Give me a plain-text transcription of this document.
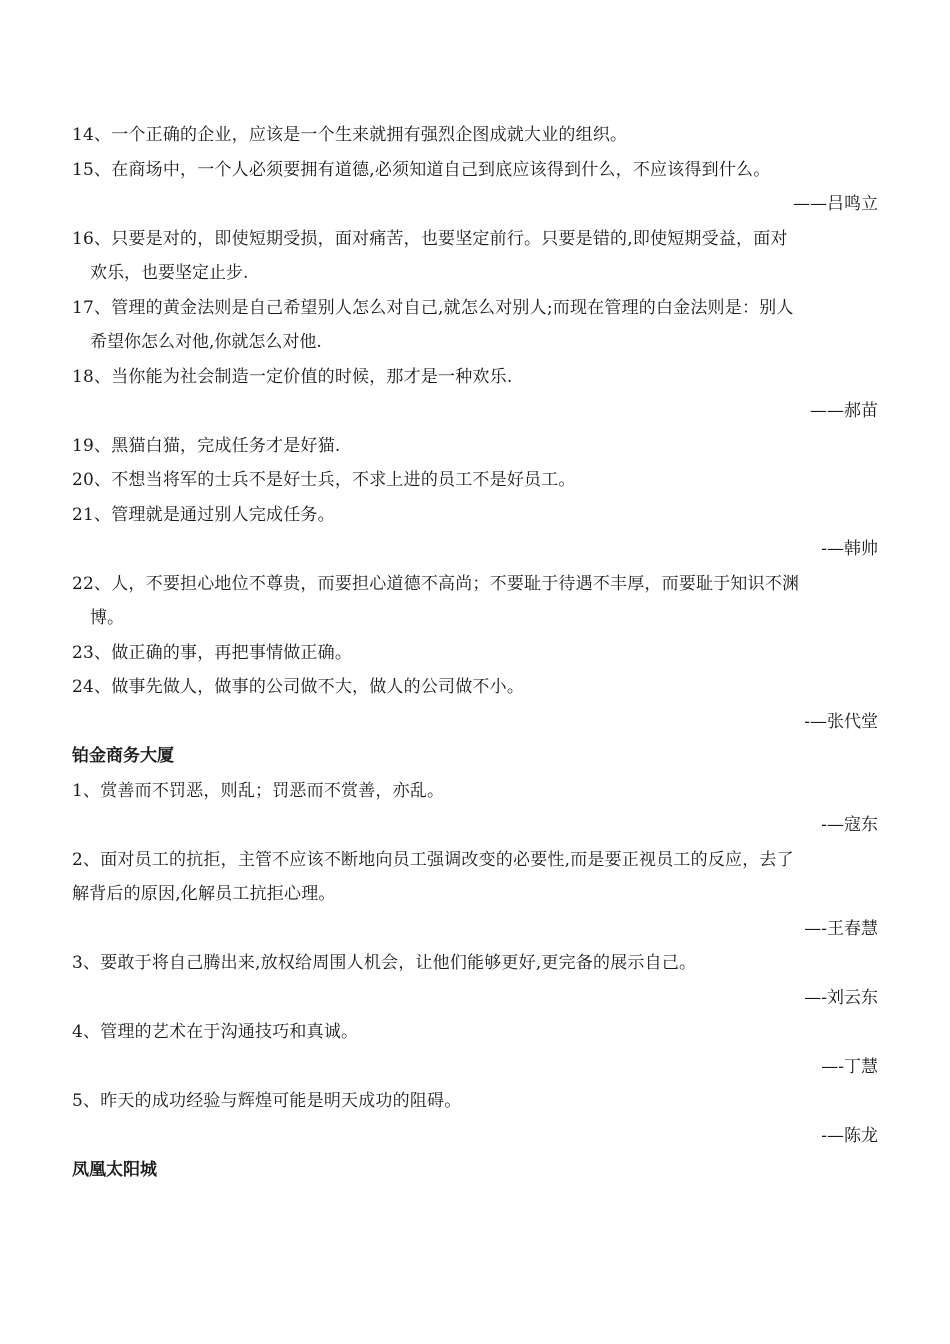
14、一个正确的企业，应该是一个生来就拥有强烈企图成就大业的组织。
15、在商场中，一个人必须要拥有道德,必须知道自己到底应该得到什么，不应该得到什么。
——吕鸣立
16、只要是对的，即使短期受损，面对痛苦，也要坚定前行。只要是错的,即使短期受益，面对
欢乐，也要坚定止步.
17、管理的黄金法则是自己希望别人怎么对自己,就怎么对别人;而现在管理的白金法则是：别人
希望你怎么对他,你就怎么对他.
18、当你能为社会制造一定价值的时候，那才是一种欢乐.
——郝苗
19、黑猫白猫，完成任务才是好猫.
20、不想当将军的士兵不是好士兵，不求上进的员工不是好员工。
21、管理就是通过别人完成任务。
-—韩帅
22、人，不要担心地位不尊贵，而要担心道德不高尚；不要耻于待遇不丰厚，而要耻于知识不渊
博。
23、做正确的事，再把事情做正确。
24、做事先做人，做事的公司做不大，做人的公司做不小。
-—张代堂
铂金商务大厦
1、赏善而不罚恶，则乱；罚恶而不赏善，亦乱。
-—寇东
2、面对员工的抗拒，主管不应该不断地向员工强调改变的必要性,而是要正视员工的反应，去了
解背后的原因,化解员工抗拒心理。
—-王春慧
3、要敢于将自己腾出来,放权给周围人机会，让他们能够更好,更完备的展示自己。
—-刘云东
4、管理的艺术在于沟通技巧和真诚。
—-丁慧
5、昨天的成功经验与辉煌可能是明天成功的阻碍。
-—陈龙
凤凰太阳城
